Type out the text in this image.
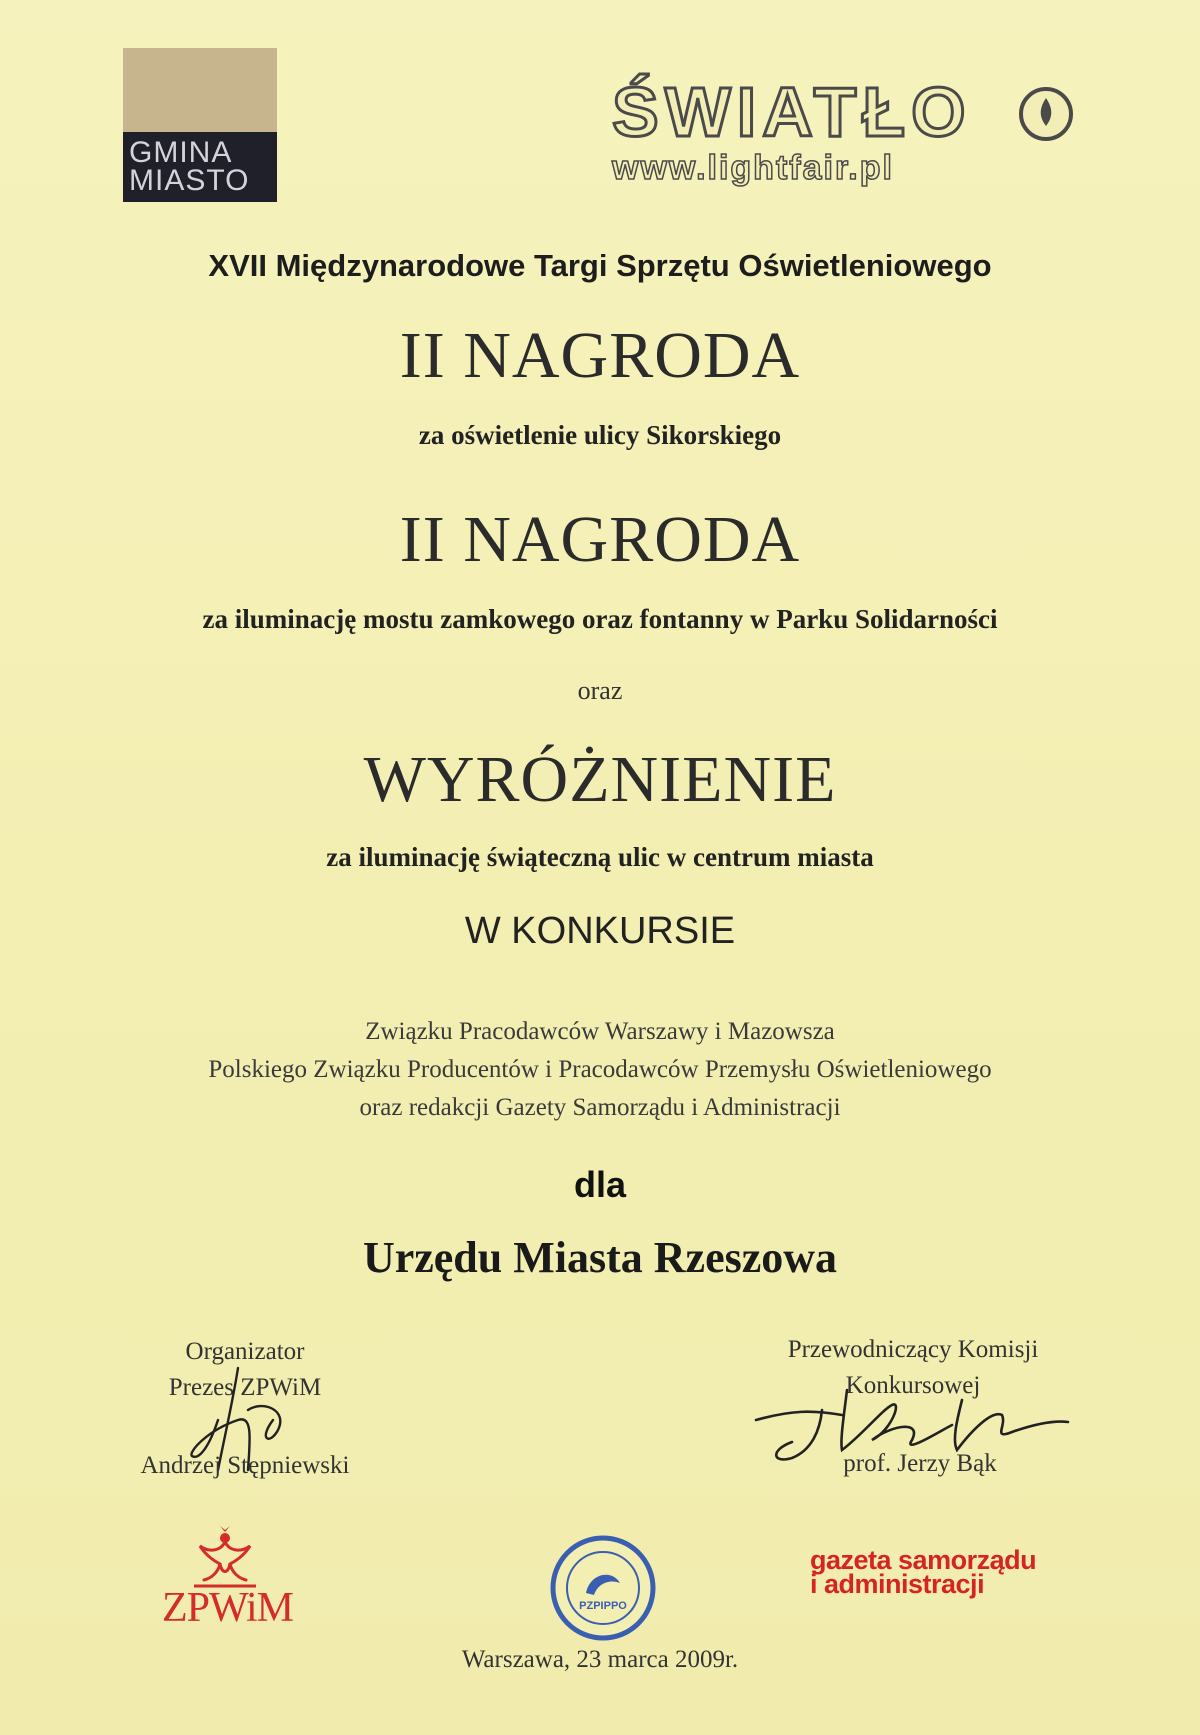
GMINA
MIASTO
ŚWIATŁO
www.lightfair.pl
XVII Międzynarodowe Targi Sprzętu Oświetleniowego
II NAGRODA
za oświetlenie ulicy Sikorskiego
II NAGRODA
za iluminację mostu zamkowego oraz fontanny w Parku Solidarności
oraz
WYRÓŻNIENIE
za iluminację świąteczną ulic w centrum miasta
W KONKURSIE
Związku Pracodawców Warszawy i Mazowsza
Polskiego Związku Producentów i Pracodawców Przemysłu Oświetleniowego
oraz redakcji Gazety Samorządu i Administracji
dla
Urzędu Miasta Rzeszowa
Organizator
Prezes ZPWiM
Andrzej Stępniewski
Przewodniczący Komisji
Konkursowej
prof. Jerzy Bąk
ZPWiM	PZPIPPO
gazeta samorządu
i administracji
Warszawa, 23 marca 2009r.
